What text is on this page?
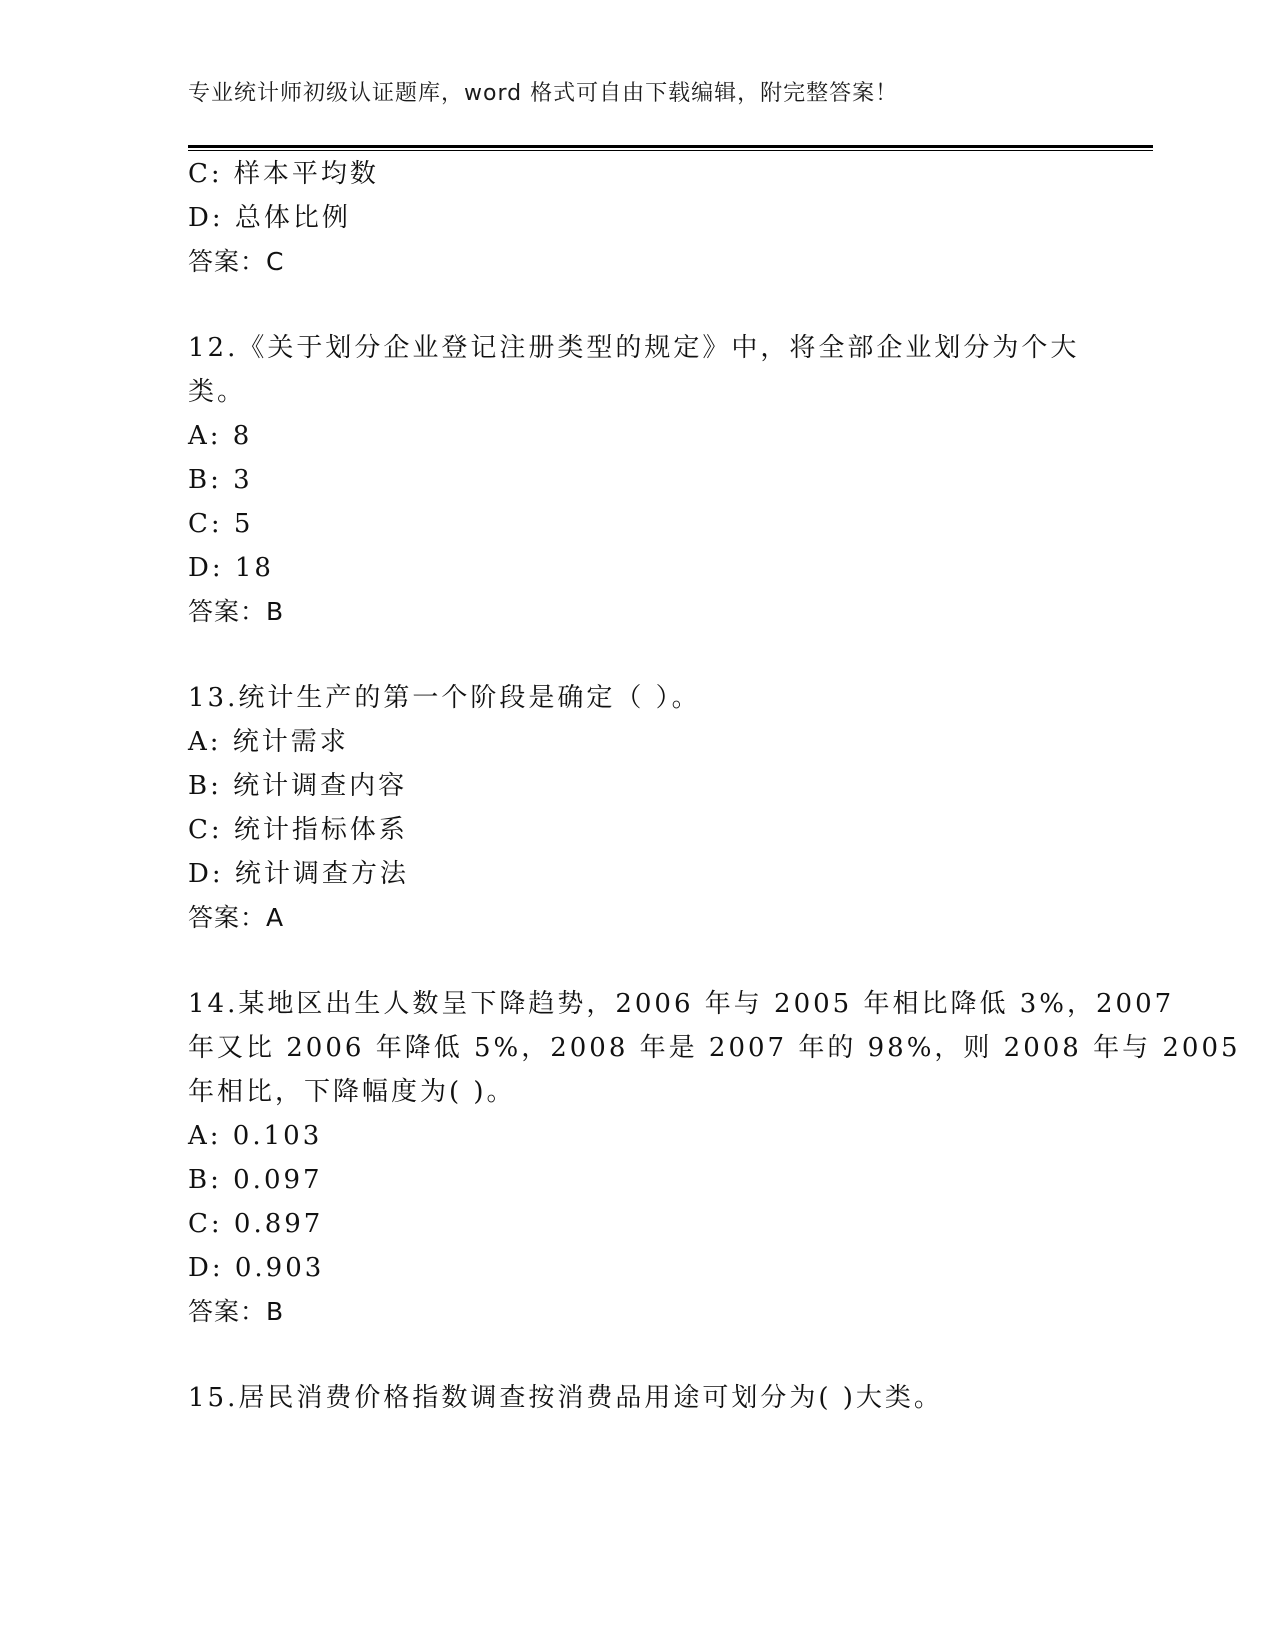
专业统计师初级认证题库，word 格式可自由下载编辑，附完整答案！
C: 样本平均数
D: 总体比例
答案：C
12.《关于划分企业登记注册类型的规定》中，将全部企业划分为个大
类。
A: 8
B: 3
C: 5
D: 18
答案：B
13.统计生产的第一个阶段是确定（ ）。
A: 统计需求
B: 统计调查内容
C: 统计指标体系
D: 统计调查方法
答案：A
14.某地区出生人数呈下降趋势，2006 年与 2005 年相比降低 3%，2007
年又比 2006 年降低 5%，2008 年是 2007 年的 98%，则 2008 年与 2005
年相比，下降幅度为( )。
A: 0.103
B: 0.097
C: 0.897
D: 0.903
答案：B
15.居民消费价格指数调查按消费品用途可划分为( )大类。
